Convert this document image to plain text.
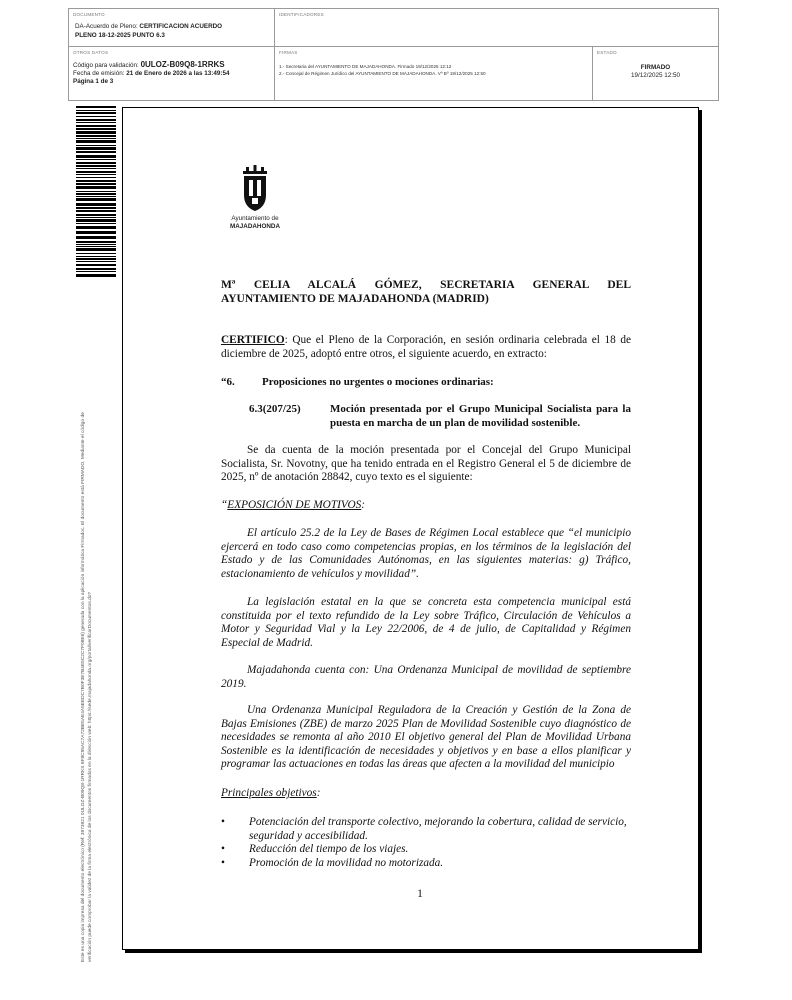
DOCUMENTO
DA-Acuerdo de Pleno: CERTIFICACION ACUERDO
PLENO 18-12-2025 PUNTO 6.3
IDENTIFICADORES
OTROS DATOS
Código para validación: 0ULOZ-B09Q8-1RRKS
Fecha de emisión: 21 de Enero de 2026 a las 13:49:54
Página 1 de 3
FIRMAS
1.- Secretaria del AYUNTAMIENTO DE MAJADAHONDA. Firmado 19/12/2025 12:12
2.- Concejal de Régimen Jurídico del AYUNTAMIENTO DE MAJADAHONDA. Vº Bº 19/12/2025 12:50
ESTADO
FIRMADO
19/12/2025 12:50
Este es una copia impresa del documento electrónico (Ref: 3973921 0ULOZ-B09Q8-1RRKS 6F8C95AC7A72BE5AE4A5EEDC7B0F3E7B4E5C2C7F08E6) generada con la aplicación informática Firmadoc. El documento está FIRMADO. Mediante el código de verificación puede comprobar la validez de la firma electrónica de los documentos firmados en la dirección web: https://sede.majadahonda.org/portal/verificarDocumentos.do?
Ayuntamiento de
MAJADAHONDA
Mª CELIA ALCALÁ GÓMEZ, SECRETARIA GENERAL DEL
AYUNTAMIENTO DE MAJADAHONDA (MADRID)
CERTIFICO: Que el Pleno de la Corporación, en sesión ordinaria celebrada el 18 de diciembre de 2025, adoptó entre otros, el siguiente acuerdo, en extracto:
“6. Proposiciones no urgentes o mociones ordinarias:
6.3(207/25)	Moción presentada por el Grupo Municipal Socialista para la puesta en marcha de un plan de movilidad sostenible.
Se da cuenta de la moción presentada por el Concejal del Grupo Municipal Socialista, Sr. Novotny, que ha tenido entrada en el Registro General el 5 de diciembre de 2025, nº de anotación 28842, cuyo texto es el siguiente:
“EXPOSICIÓN DE MOTIVOS:
El artículo 25.2 de la Ley de Bases de Régimen Local establece que “el municipio ejercerá en todo caso como competencias propias, en los términos de la legislación del Estado y de las Comunidades Autónomas, en las siguientes materias: g) Tráfico, estacionamiento de vehículos y movilidad”.
La legislación estatal en la que se concreta esta competencia municipal está constituida por el texto refundido de la Ley sobre Tráfico, Circulación de Vehículos a Motor y Seguridad Vial y la Ley 22/2006, de 4 de julio, de Capitalidad y Régimen Especial de Madrid.
Majadahonda cuenta con: Una Ordenanza Municipal de movilidad de septiembre 2019.
Una Ordenanza Municipal Reguladora de la Creación y Gestión de la Zona de Bajas Emisiones (ZBE) de marzo 2025 Plan de Movilidad Sostenible cuyo diagnóstico de necesidades se remonta al año 2010 El objetivo general del Plan de Movilidad Urbana Sostenible es la identificación de necesidades y objetivos y en base a ellos planificar y programar las actuaciones en todas las áreas que afecten a la movilidad del municipio
Principales objetivos:
• Potenciación del transporte colectivo, mejorando la cobertura, calidad de servicio, seguridad y accesibilidad.
• Reducción del tiempo de los viajes.
• Promoción de la movilidad no motorizada.
1
